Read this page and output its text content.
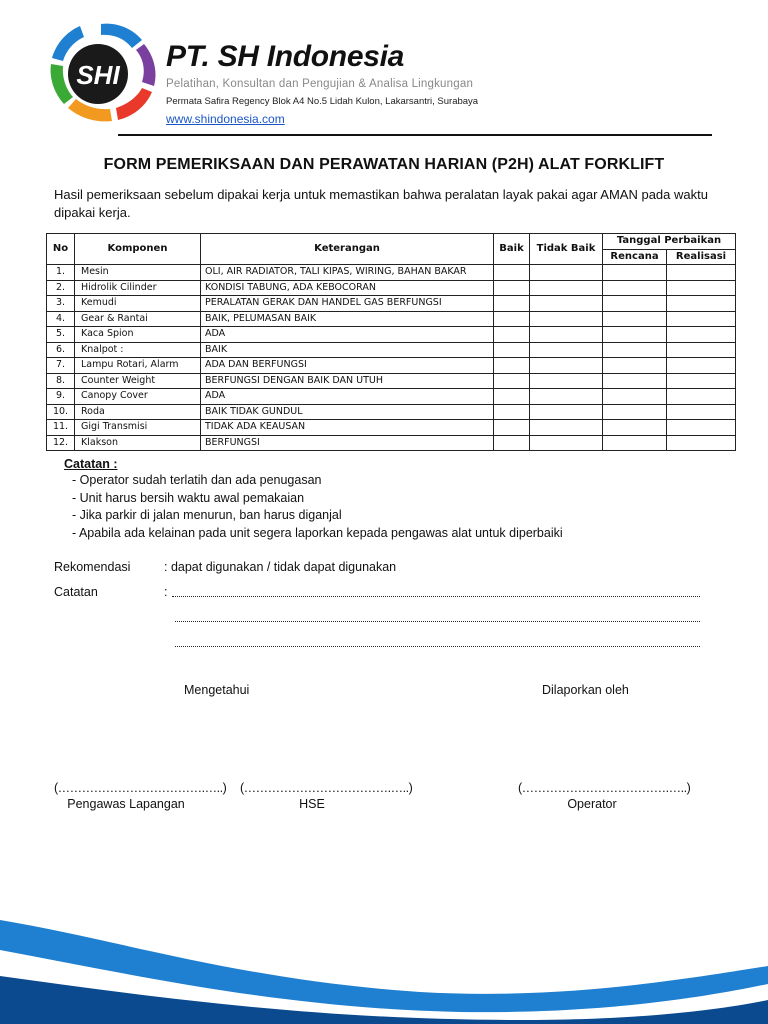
SHI
PT. SH Indonesia
Pelatihan, Konsultan dan Pengujian & Analisa Lingkungan
Permata Safira Regency Blok A4 No.5 Lidah Kulon, Lakarsantri, Surabaya
www.shindonesia.com
FORM PEMERIKSAAN DAN PERAWATAN HARIAN (P2H) ALAT FORKLIFT
Hasil pemeriksaan sebelum dipakai kerja untuk memastikan bahwa peralatan layak pakai agar AMAN pada waktu dipakai kerja.
No	Komponen	Keterangan	Baik	Tidak Baik	Tanggal Perbaikan	
					Rencana	Realisasi
1.	Mesin	OLI, AIR RADIATOR, TALI KIPAS, WIRING, BAHAN BAKAR				
2.	Hidrolik Cilinder	KONDISI TABUNG, ADA KEBOCORAN				
3.	Kemudi	PERALATAN GERAK DAN HANDEL GAS BERFUNGSI				
4.	Gear & Rantai	BAIK, PELUMASAN BAIK				
5.	Kaca Spion	ADA				
6.	Knalpot :	BAIK				
7.	Lampu Rotari, Alarm	ADA DAN BERFUNGSI				
8.	Counter Weight	BERFUNGSI DENGAN BAIK DAN UTUH				
9.	Canopy Cover	ADA				
10.	Roda	BAIK TIDAK GUNDUL				
11.	Gigi Transmisi	TIDAK ADA KEAUSAN				
12.	Klakson	BERFUNGSI				
Catatan :
- Operator sudah terlatih dan ada penugasan
- Unit harus bersih waktu awal pemakaian
- Jika parkir di jalan menurun, ban harus diganjal
- Apabila ada kelainan pada unit segera laporkan kepada pengawas alat untuk diperbaiki
Rekomendasi	: dapat digunakan / tidak dapat digunakan
Catatan	:
Mengetahui	Dilaporkan oleh
(……………………………….…..) (……………………………….…..)	(……………………………….…..)
Pengawas Lapangan	HSE	Operator
